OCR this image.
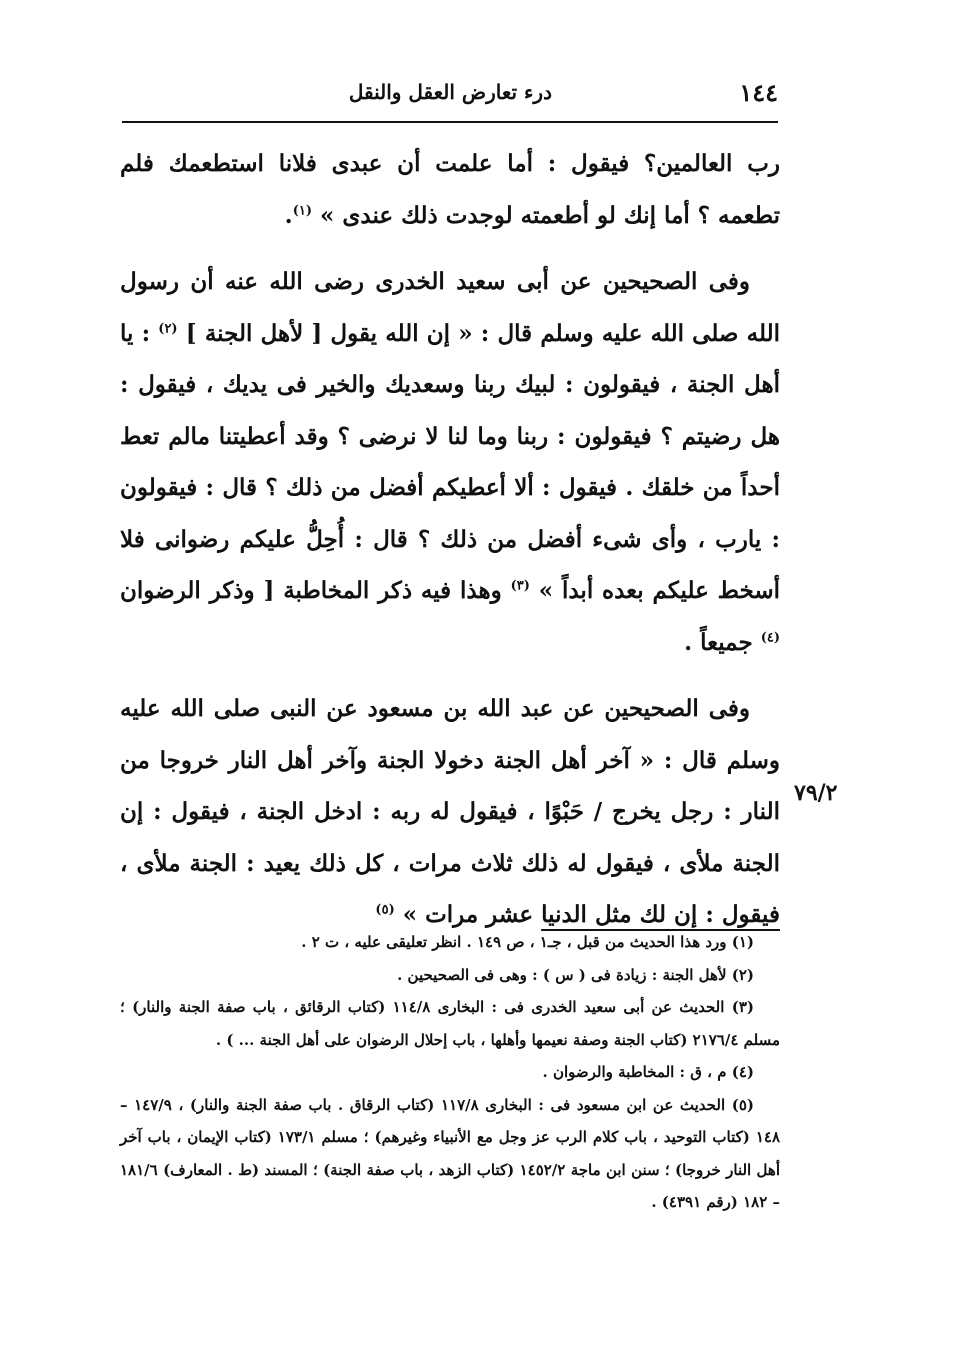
١٤٤
درء تعارض العقل والنقل

رب العالمين؟ فيقول : أما علمت أن عبدى فلانا استطعمك فلم تطعمه ؟ أما إنك لو أطعمته لوجدت ذلك عندى » $^{(١)}$.

وفى الصحيحين عن أبى سعيد الخدرى رضى الله عنه أن رسول الله صلى الله عليه وسلم قال : « إن الله يقول [ لأهل الجنة ] $^{(٢)}$ : يا أهل الجنة ، فيقولون : لبيك ربنا وسعديك والخير فى يديك ، فيقول : هل رضيتم ؟ فيقولون : ربنا وما لنا لا نرضى ؟ وقد أعطيتنا مالم تعط أحداً من خلقك . فيقول : ألا أعطيكم أفضل من ذلك ؟ قال : فيقولون : يارب ، وأى شىء أفضل من ذلك ؟ قال : أُحِلُّ عليكم رضوانى فلا أسخط عليكم بعده أبداً » $^{(٣)}$ وهذا فيه ذكر المخاطبة [ وذكر الرضوان $^{(٤)}$ جميعاً .

وفى الصحيحين عن عبد الله بن مسعود عن النبى صلى الله عليه وسلم قال : « آخر أهل الجنة دخولا الجنة وآخر أهل النار خروجا من النار : رجل يخرج / حَبْوًا ، فيقول له ربه : ادخل الجنة ، فيقول : إن الجنة ملأى ، فيقول له ذلك ثلاث مرات ، كل ذلك يعيد : الجنة ملأى ، فيقول : إن لك مثل الدنيا عشر مرات » $^{(٥)}$

٧٩/٢

(١) ورد هذا الحديث من قبل ، جـ١ ، ص ١٤٩ . انظر تعليقى عليه ، ت ٢ .

(٢) لأهل الجنة : زيادة فى ( س ) : وهى فى الصحيحين .

(٣) الحديث عن أبى سعيد الخدرى فى : البخارى ١١٤/٨ (كتاب الرقائق ، باب صفة الجنة والنار) ؛ مسلم ٢١٧٦/٤ (كتاب الجنة وصفة نعيمها وأهلها ، باب إحلال الرضوان على أهل الجنة ... ) .

(٤) م ، ق : المخاطبة والرضوان .

(٥) الحديث عن ابن مسعود فى : البخارى ١١٧/٨ (كتاب الرقاق . باب صفة الجنة والنار) ، ١٤٧/٩ – ١٤٨ (كتاب التوحيد ، باب كلام الرب عز وجل مع الأنبياء وغيرهم) ؛ مسلم ١٧٣/١ (كتاب الإيمان ، باب آخر أهل النار خروجا) ؛ سنن ابن ماجة ١٤٥٢/٢ (كتاب الزهد ، باب صفة الجنة) ؛ المسند (ط . المعارف) ١٨١/٦ – ١٨٢ (رقم ٤٣٩١) .
